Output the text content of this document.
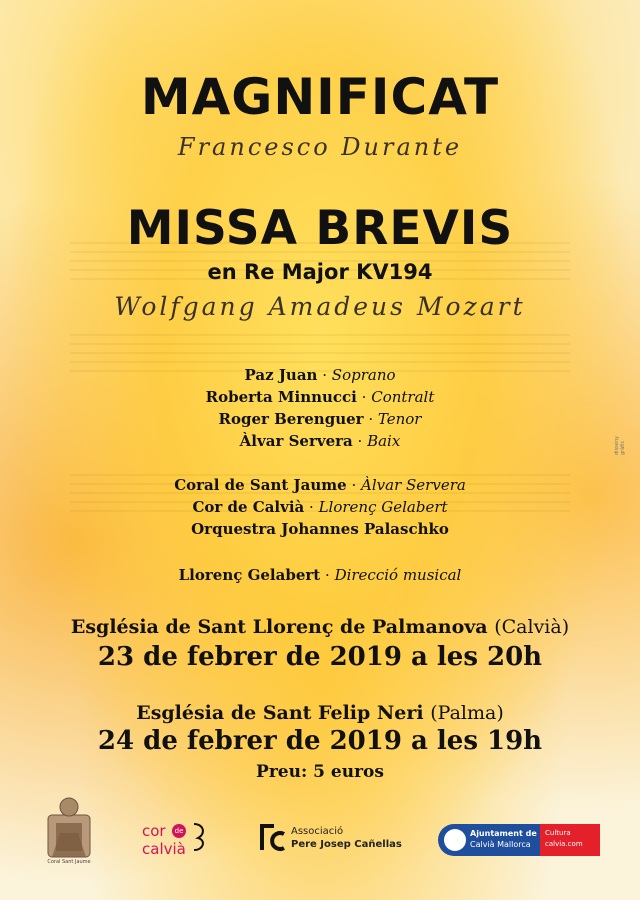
MAGNIFICAT
Francesco Durante
MISSA BREVIS
en Re Major KV194
Wolfgang Amadeus Mozart
Paz Juan · Soprano
Roberta Minnucci · Contralt
Roger Berenguer · Tenor
Àlvar Servera · Baix
Coral de Sant Jaume · Àlvar Servera
Cor de Calvià · Llorenç Gelabert
Orquestra Johannes Palaschko
Llorenç Gelabert · Direcció musical
Església de Sant Llorenç de Palmanova (Calvià)
23 de febrer de 2019 a les 20h
Església de Sant Felip Neri (Palma)
24 de febrer de 2019 a les 19h
Preu: 5 euros
disseny gràfic
Coral Sant Jaume
cor	de
calvià
Associació
Pere Josep Cañellas
Ajuntament de
Calvià Mallorca
Cultura
calvia.com
